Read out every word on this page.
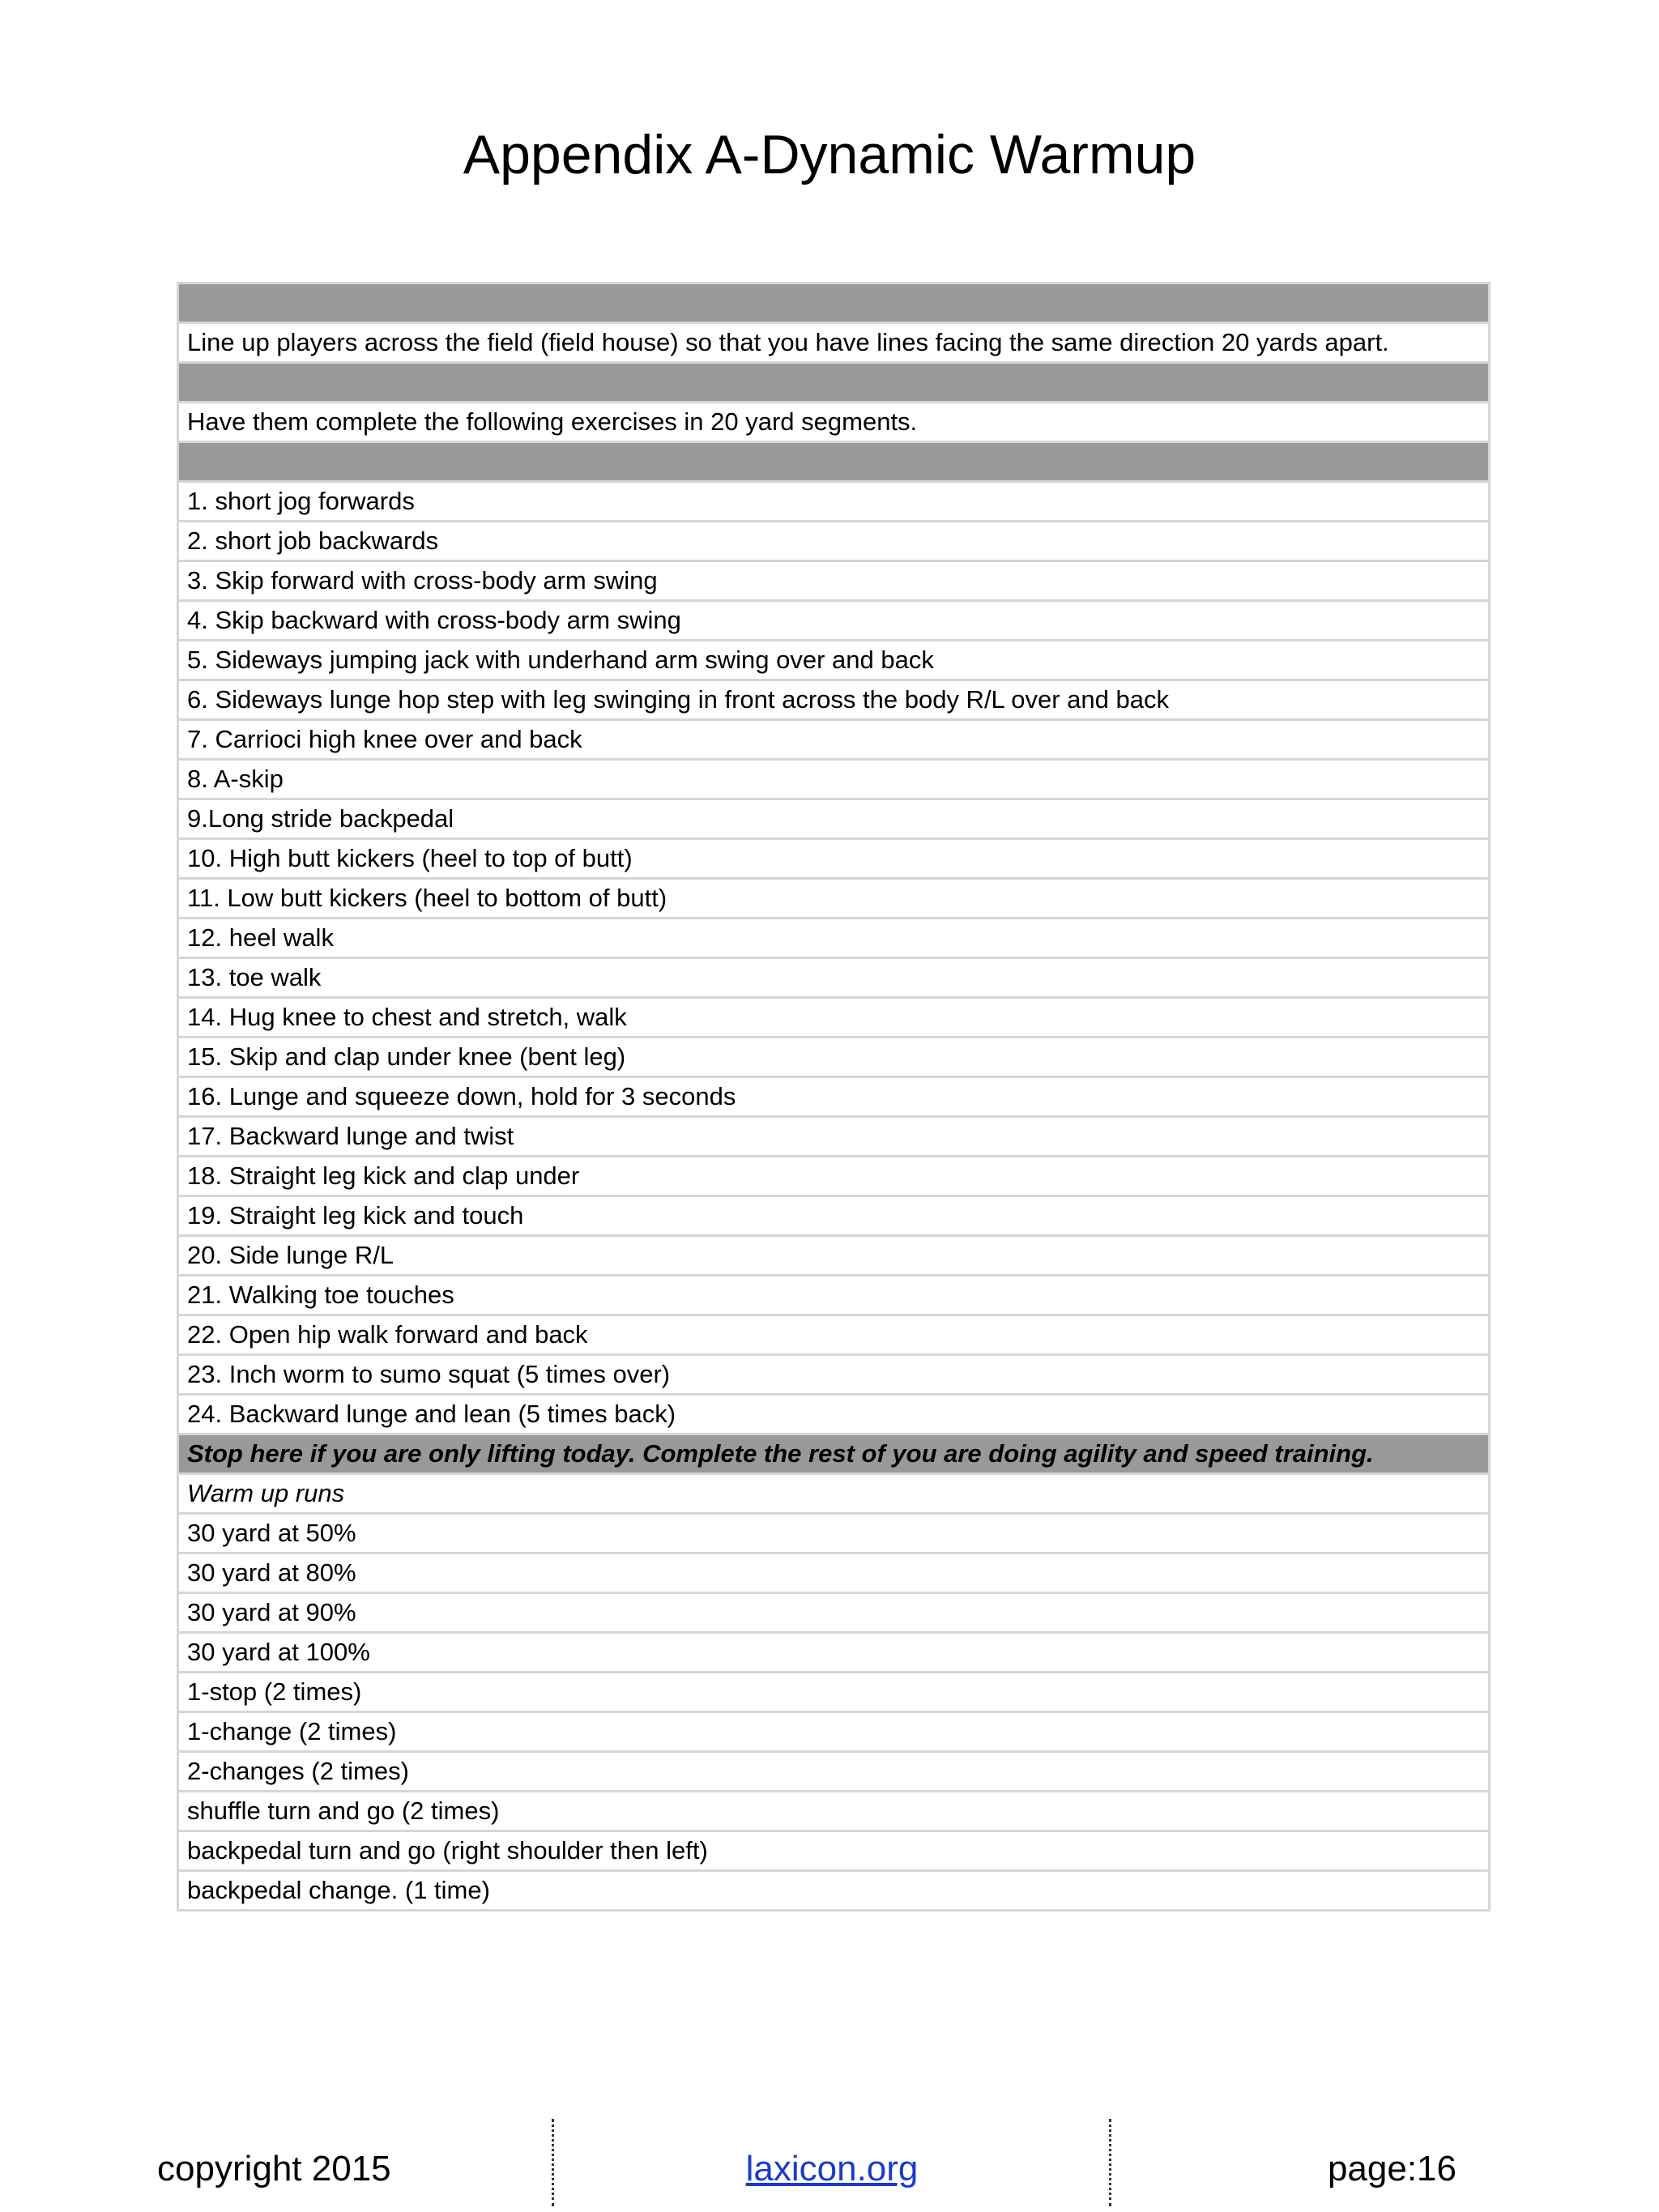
Appendix A-Dynamic Warmup

Line up players across the field (field house) so that you have lines facing the same direction 20 yards apart.

Have them complete the following exercises in 20 yard segments.

1. short jog forwards
2. short job backwards
3. Skip forward with cross-body arm swing
4. Skip backward with cross-body arm swing
5. Sideways jumping jack with underhand arm swing over and back
6. Sideways lunge hop step with leg swinging in front across the body R/L over and back
7. Carrioci high knee over and back
8. A-skip
9.Long stride backpedal
10. High butt kickers (heel to top of butt)
11. Low butt kickers (heel to bottom of butt)
12. heel walk
13. toe walk
14. Hug knee to chest and stretch, walk
15. Skip and clap under knee (bent leg)
16. Lunge and squeeze down, hold for 3 seconds
17. Backward lunge and twist
18. Straight leg kick and clap under
19. Straight leg kick and touch
20. Side lunge R/L
21. Walking toe touches
22. Open hip walk forward and back
23. Inch worm to sumo squat (5 times over)
24. Backward lunge and lean (5 times back)
Stop here if you are only lifting today. Complete the rest of you are doing agility and speed training.
Warm up runs
30 yard at 50%
30 yard at 80%
30 yard at 90%
30 yard at 100%
1-stop (2 times)
1-change (2 times)
2-changes (2 times)
shuffle turn and go (2 times)
backpedal turn and go (right shoulder then left)
backpedal change. (1 time)
copyright 2015	laxicon.org	page:16
